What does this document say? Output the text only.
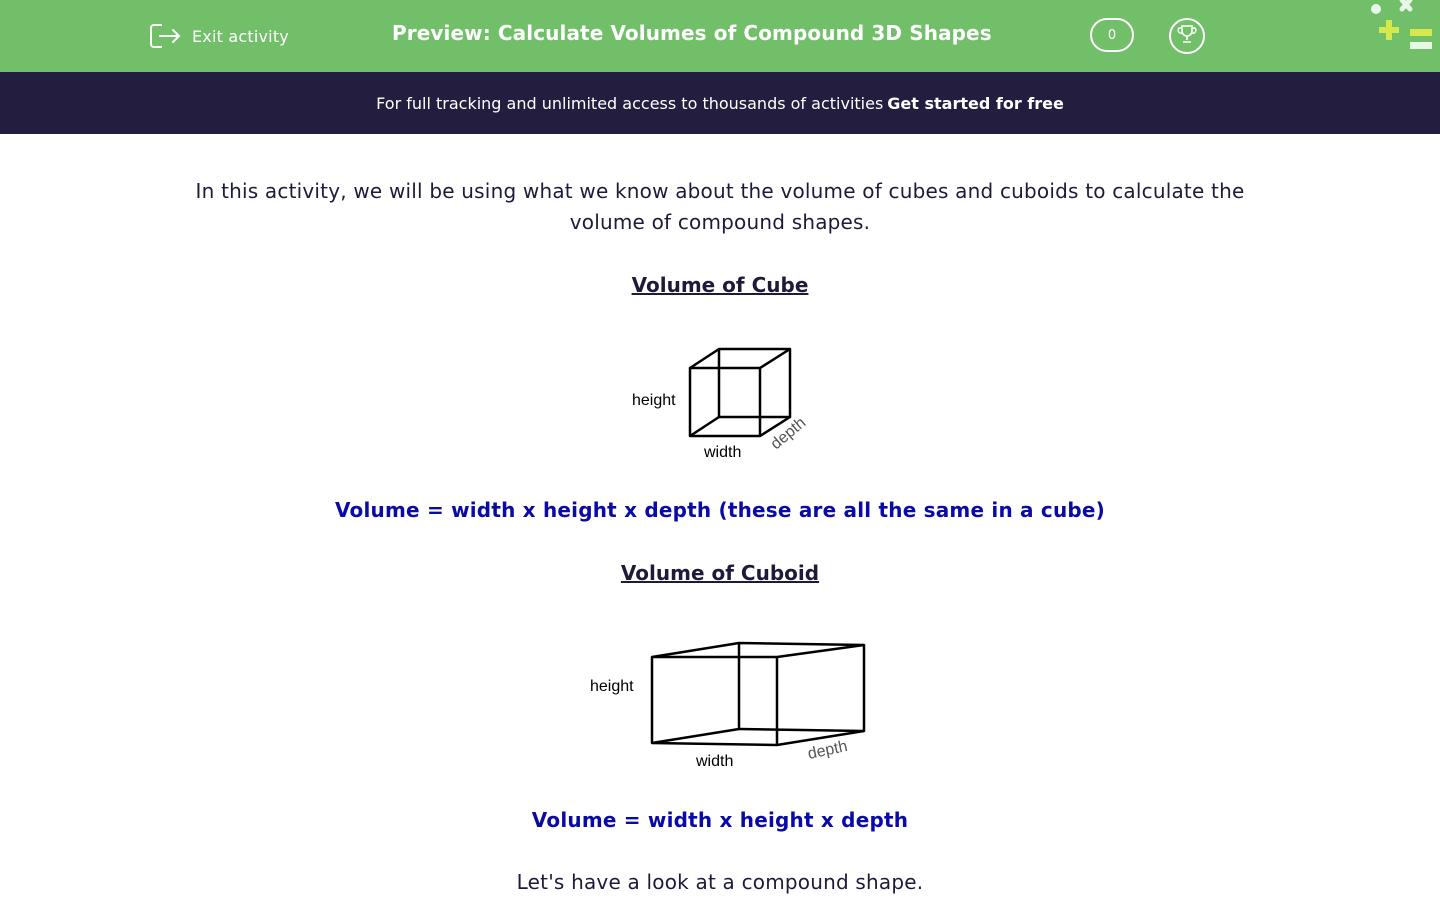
Exit activity	Preview: Calculate Volumes of Compound 3D Shapes	0
For full tracking and unlimited access to thousands of activities Get started for free
In this activity, we will be using what we know about the volume of cubes and cuboids to calculate the volume of compound shapes.
Volume of Cube
height
width depth
Volume = width x height x depth (these are all the same in a cube)
Volume of Cuboid
height
width	depth
Volume = width x height x depth
Let's have a look at a compound shape.
